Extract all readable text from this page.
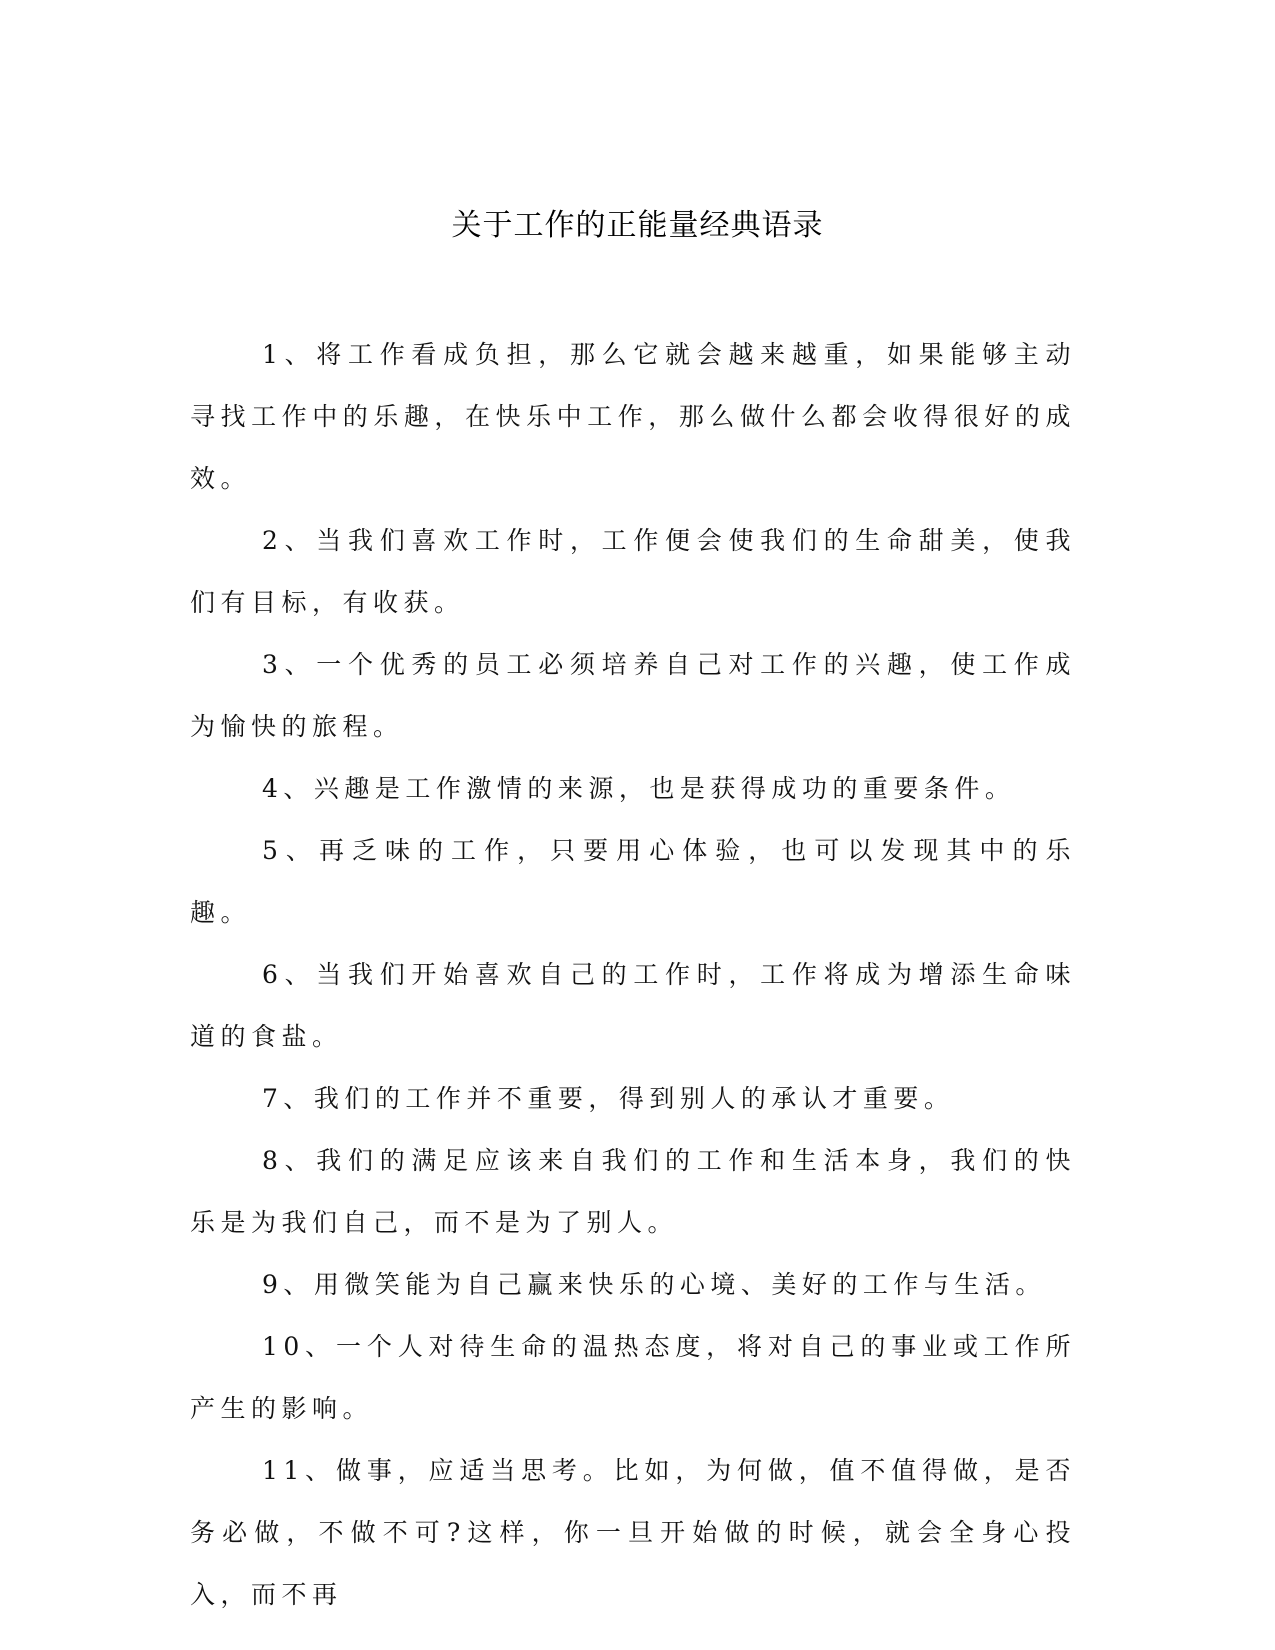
关于工作的正能量经典语录

1、将工作看成负担，那么它就会越来越重，如果能够主动寻找工作中的乐趣，在快乐中工作，那么做什么都会收得很好的成效。

2、当我们喜欢工作时，工作便会使我们的生命甜美，使我们有目标，有收获。

3、一个优秀的员工必须培养自己对工作的兴趣，使工作成为愉快的旅程。

4、兴趣是工作激情的来源，也是获得成功的重要条件。

5、再乏味的工作，只要用心体验，也可以发现其中的乐趣。

6、当我们开始喜欢自己的工作时，工作将成为增添生命味道的食盐。

7、我们的工作并不重要，得到别人的承认才重要。

8、我们的满足应该来自我们的工作和生活本身，我们的快乐是为我们自己，而不是为了别人。

9、用微笑能为自己赢来快乐的心境、美好的工作与生活。

10、一个人对待生命的温热态度，将对自己的事业或工作所产生的影响。

11、做事，应适当思考。比如，为何做，值不值得做，是否务必做，不做不可?这样，你一旦开始做的时候，就会全身心投入，而不再
